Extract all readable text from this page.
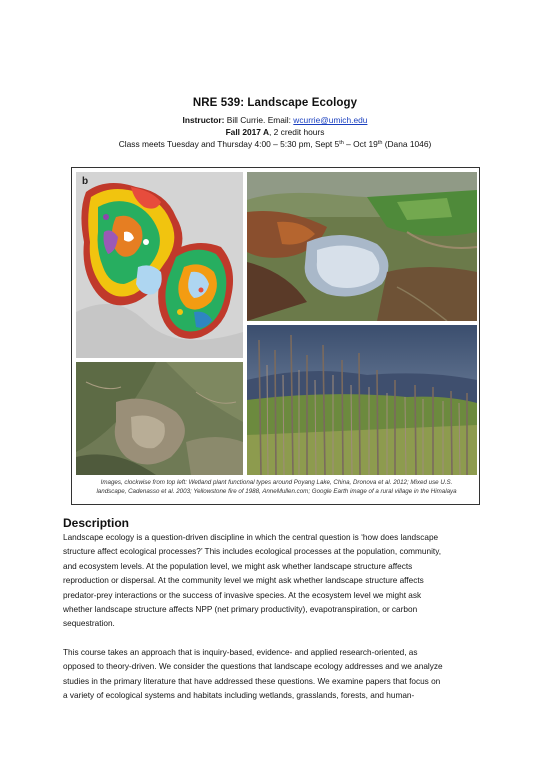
NRE 539: Landscape Ecology
Instructor: Bill Currie. Email: wcurrie@umich.edu
Fall 2017 A, 2 credit hours
Class meets Tuesday and Thursday 4:00 – 5:30 pm, Sept 5th – Oct 19th (Dana 1046)
b
Images, clockwise from top left: Wetland plant functional types around Poyang Lake, China, Dronova et al. 2012; Mixed use U.S.
landscape, Cadenasso et al. 2003; Yellowstone fire of 1988, AnneMullen.com; Google Earth image of a rural village in the Himalaya
Description
Landscape ecology is a question-driven discipline in which the central question is ‘how does landscape
structure affect ecological processes?’ This includes ecological processes at the population, community,
and ecosystem levels. At the population level, we might ask whether landscape structure affects
reproduction or dispersal. At the community level we might ask whether landscape structure affects
predator-prey interactions or the success of invasive species. At the ecosystem level we might ask
whether landscape structure affects NPP (net primary productivity), evapotranspiration, or carbon
sequestration.
This course takes an approach that is inquiry-based, evidence- and applied research-oriented, as
opposed to theory-driven. We consider the questions that landscape ecology addresses and we analyze
studies in the primary literature that have addressed these questions. We examine papers that focus on
a variety of ecological systems and habitats including wetlands, grasslands, forests, and human-
